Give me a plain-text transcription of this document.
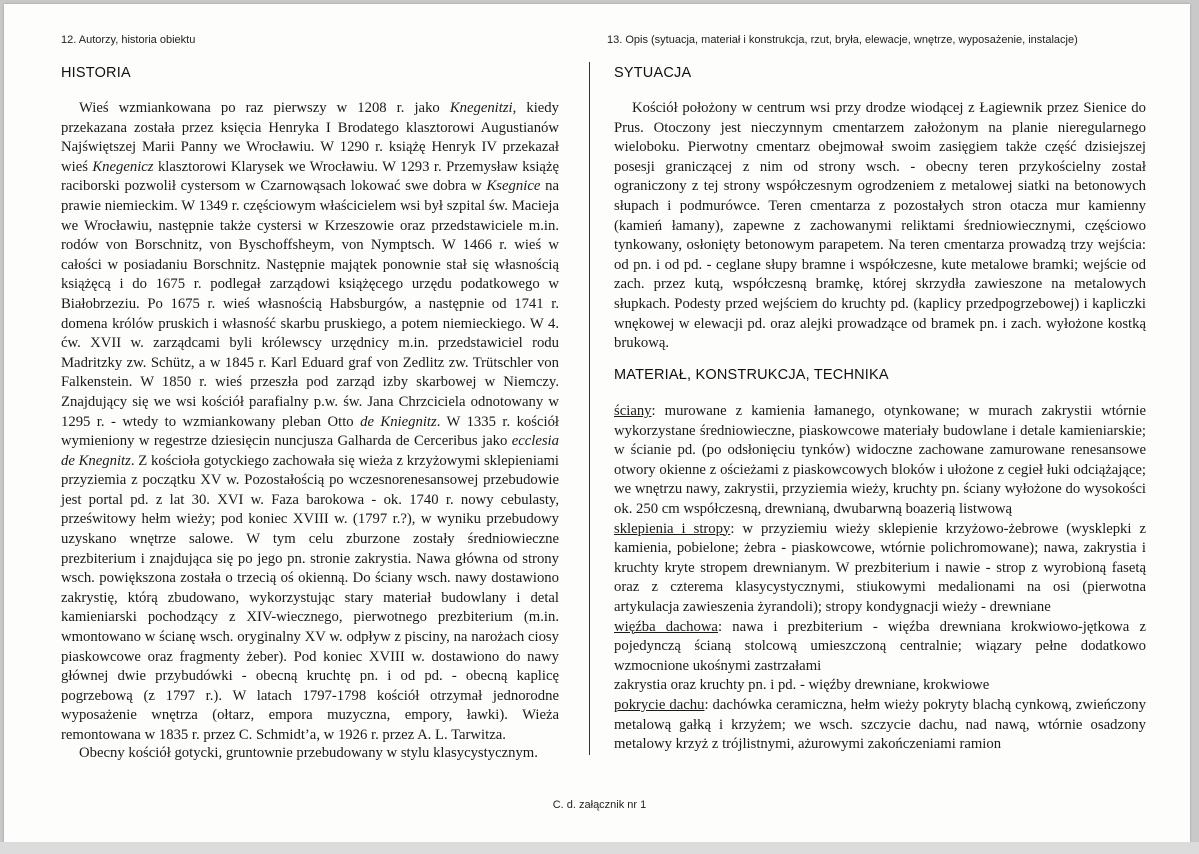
12. Autorzy, historia obiektu
HISTORIA
Wieś wzmiankowana po raz pierwszy w 1208 r. jako Knegenitzi, kiedy przekazana została przez księcia Henryka I Brodatego klasztorowi Augustianów Najświętszej Marii Panny we Wrocławiu. W 1290 r. książę Henryk IV przekazał wieś Knegenicz klasztorowi Klarysek we Wrocławiu. W 1293 r. Przemysław książę raciborski pozwolił cystersom w Czarnowąsach lokować swe dobra w Ksegnice na prawie niemieckim. W 1349 r. częściowym właścicielem wsi był szpital św. Macieja we Wrocławiu, następnie także cystersi w Krzeszowie oraz przedstawiciele m.in. rodów von Borschnitz, von Byschoffsheym, von Nymptsch. W 1466 r. wieś w całości w posiadaniu Borschnitz. Następnie majątek ponownie stał się własnością książęcą i do 1675 r. podlegał zarządowi książęcego urzędu podatkowego w Białobrzeziu. Po 1675 r. wieś własnością Habsburgów, a następnie od 1741 r. domena królów pruskich i własność skarbu pruskiego, a potem niemieckiego. W 4. ćw. XVII w. zarządcami byli królewscy urzędnicy m.in. przedstawiciel rodu Madritzky zw. Schütz, a w 1845 r. Karl Eduard graf von Zedlitz zw. Trütschler von Falkenstein. W 1850 r. wieś przeszła pod zarząd izby skarbowej w Niemczy. Znajdujący się we wsi kościół parafialny p.w. św. Jana Chrzciciela odnotowany w 1295 r. - wtedy to wzmiankowany pleban Otto de Kniegnitz. W 1335 r. kościół wymieniony w regestrze dziesięcin nuncjusza Galharda de Cerceribus jako ecclesia de Knegnitz. Z kościoła gotyckiego zachowała się wieża z krzyżowymi sklepieniami przyziemia z początku XV w. Pozostałością po wczesnorenesansowej przebudowie jest portal pd. z lat 30. XVI w. Faza barokowa - ok. 1740 r. nowy cebulasty, prześwitowy hełm wieży; pod koniec XVIII w. (1797 r.?), w wyniku przebudowy uzyskano wnętrze salowe. W tym celu zburzone zostały średniowieczne prezbiterium i znajdująca się po jego pn. stronie zakrystia. Nawa główna od strony wsch. powiększona została o trzecią oś okienną. Do ściany wsch. nawy dostawiono zakrystię, którą zbudowano, wykorzystując stary materiał budowlany i detal kamieniarski pochodzący z XIV-wiecznego, pierwotnego prezbiterium (m.in. wmontowano w ścianę wsch. oryginalny XV w. odpływ z pisciny, na narożach ciosy piaskowcowe oraz fragmenty żeber). Pod koniec XVIII w. dostawiono do nawy głównej dwie przybudówki - obecną kruchtę pn. i od pd. - obecną kaplicę pogrzebową (z 1797 r.). W latach 1797-1798 kościół otrzymał jednorodne wyposażenie wnętrza (ołtarz, empora muzyczna, empory, ławki). Wieża remontowana w 1835 r. przez C. Schmidt’a, w 1926 r. przez A. L. Tarwitza.
Obecny kościół gotycki, gruntownie przebudowany w stylu klasycystycznym.
13. Opis (sytuacja, materiał i konstrukcja, rzut, bryła, elewacje, wnętrze, wyposażenie, instalacje)
SYTUACJA
Kościół położony w centrum wsi przy drodze wiodącej z Łagiewnik przez Sienice do Prus. Otoczony jest nieczynnym cmentarzem założonym na planie nieregularnego wieloboku. Pierwotny cmentarz obejmował swoim zasięgiem także część dzisiejszej posesji graniczącej z nim od strony wsch. - obecny teren przykościelny został ograniczony z tej strony współczesnym ogrodzeniem z metalowej siatki na betonowych słupach i podmurówce. Teren cmentarza z pozostałych stron otacza mur kamienny (kamień łamany), zapewne z zachowanymi reliktami średniowiecznymi, częściowo tynkowany, osłonięty betonowym parapetem. Na teren cmentarza prowadzą trzy wejścia: od pn. i od pd. - ceglane słupy bramne i współczesne, kute metalowe bramki; wejście od zach. przez kutą, współczesną bramkę, której skrzydła zawieszone na metalowych słupkach. Podesty przed wejściem do kruchty pd. (kaplicy przedpogrzebowej) i kapliczki wnękowej w elewacji pd. oraz alejki prowadzące od bramek pn. i zach. wyłożone kostką brukową.
MATERIAŁ, KONSTRUKCJA, TECHNIKA
ściany: murowane z kamienia łamanego, otynkowane; w murach zakrystii wtórnie wykorzystane średniowieczne, piaskowcowe materiały budowlane i detale kamieniarskie; w ścianie pd. (po odsłonięciu tynków) widoczne zachowane zamurowane renesansowe otwory okienne z ościeżami z piaskowcowych bloków i ułożone z cegieł łuki odciążające; we wnętrzu nawy, zakrystii, przyziemia wieży, kruchty pn. ściany wyłożone do wysokości ok. 250 cm współczesną, drewnianą, dwubarwną boazerią listwową
sklepienia i stropy: w przyziemiu wieży sklepienie krzyżowo-żebrowe (wysklepki z kamienia, pobielone; żebra - piaskowcowe, wtórnie polichromowane); nawa, zakrystia i kruchty kryte stropem drewnianym. W prezbiterium i nawie - strop z wyrobioną fasetą oraz z czterema klasycystycznymi, stiukowymi medalionami na osi (pierwotna artykulacja zawieszenia żyrandoli); stropy kondygnacji wieży - drewniane
więźba dachowa: nawa i prezbiterium - więźba drewniana krokwiowo-jętkowa z pojedynczą ścianą stolcową umieszczoną centralnie; wiązary pełne dodatkowo wzmocnione ukośnymi zastrzałami
zakrystia oraz kruchty pn. i pd. - więźby drewniane, krokwiowe
pokrycie dachu: dachówka ceramiczna, hełm wieży pokryty blachą cynkową, zwieńczony metalową gałką i krzyżem; we wsch. szczycie dachu, nad nawą, wtórnie osadzony metalowy krzyż z trójlistnymi, ażurowymi zakończeniami ramion
C. d. załącznik nr 1
